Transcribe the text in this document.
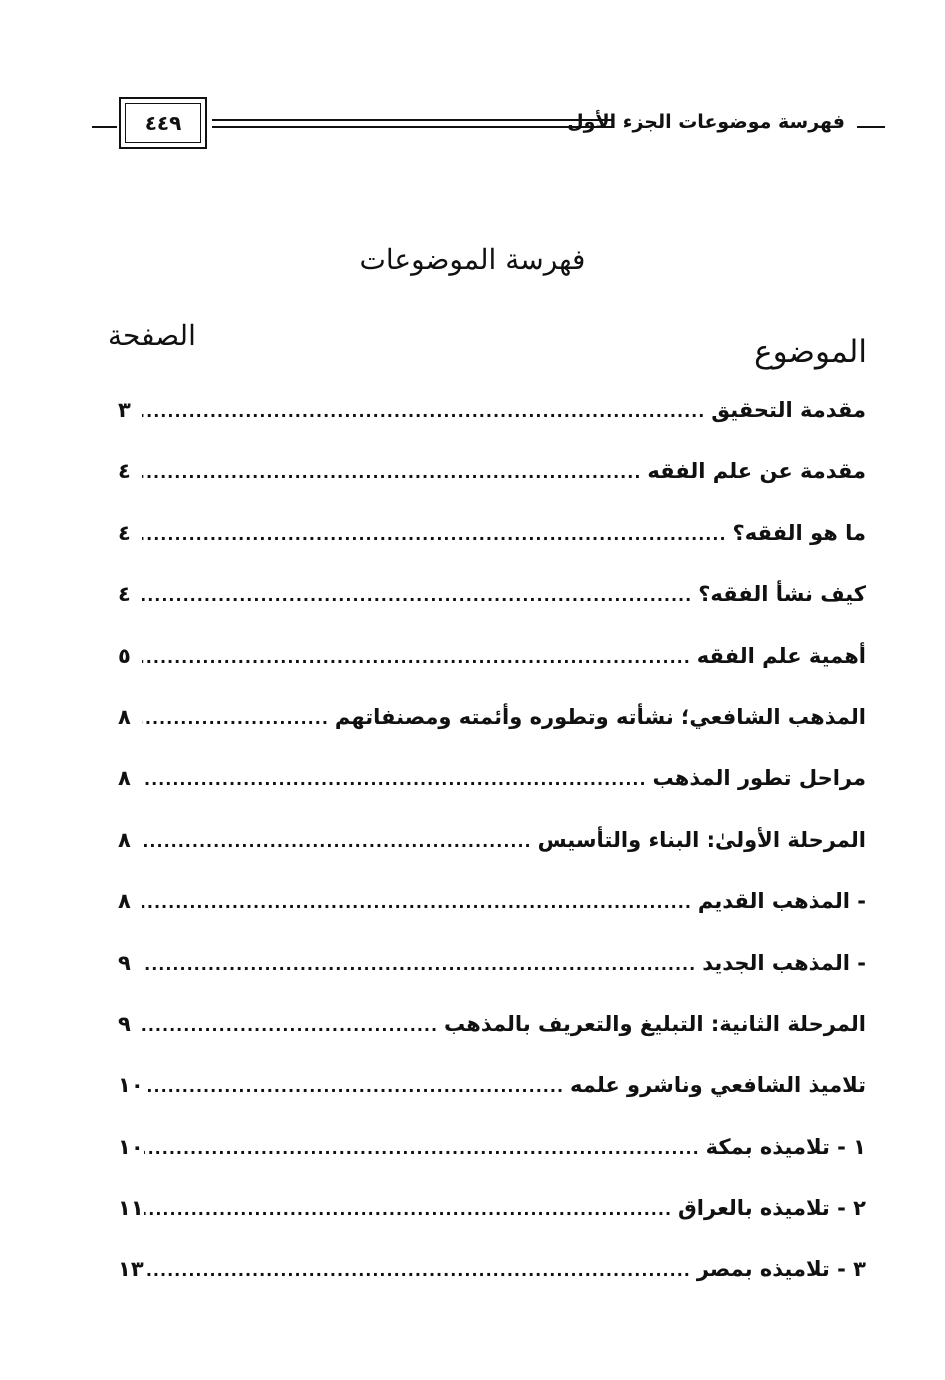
فهرسة موضوعات الجزء الأول
٤٤٩
فهرسة الموضوعات
الموضوع
الصفحة
مقدمة التحقيق
.....
٣
مقدمة عن علم الفقه
.....
٤
ما هو الفقه؟
.....
٤
كيف نشأ الفقه؟
.....
٤
أهمية علم الفقه
.....
٥
المذهب الشافعي؛ نشأته وتطوره وأئمته ومصنفاتهم
.....
٨
مراحل تطور المذهب
.....
٨
المرحلة الأولىٰ: البناء والتأسيس
.....
٨
- المذهب القديم
.....
٨
- المذهب الجديد
.....
٩
المرحلة الثانية: التبليغ والتعريف بالمذهب
.....
٩
تلاميذ الشافعي وناشرو علمه
.....
١٠
١ - تلاميذه بمكة
.....
١٠
٢ - تلاميذه بالعراق
.....
١١
٣ - تلاميذه بمصر
.....
١٣
